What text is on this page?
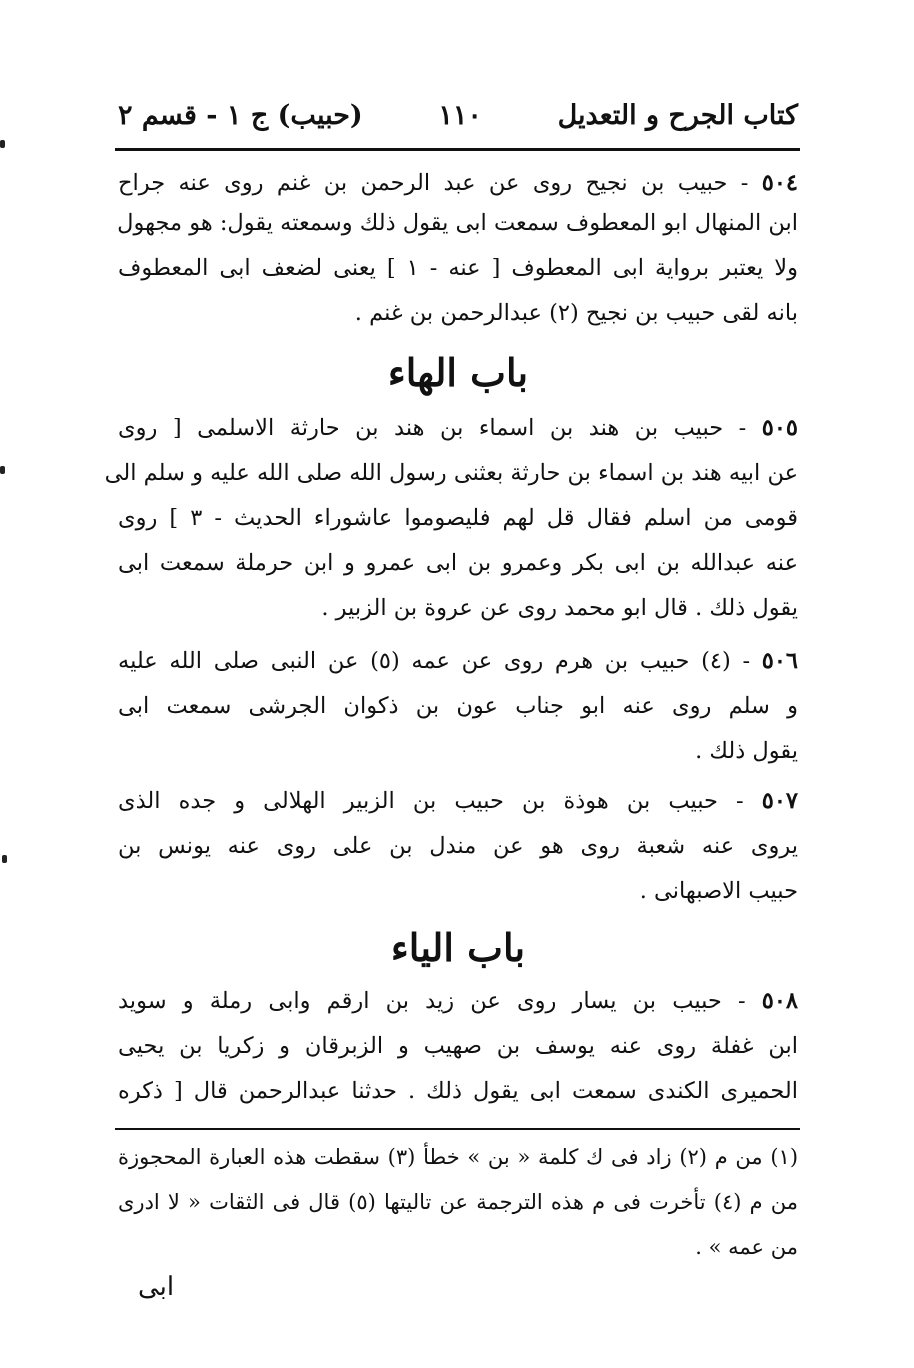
كتاب الجرح و التعديل
١١٠
(حبيب) ج ١ - قسم ٢
٥٠٤ - حبيب بن نجيح روى عن عبد الرحمن بن غنم روى عنه جراح
ابن المنهال ابو المعطوف سمعت ابى يقول ذلك وسمعته يقول: هو مجهول
ولا يعتبر برواية ابى المعطوف [ عنه - ١ ] يعنى لضعف ابى المعطوف
بانه لقى حبيب بن نجيح (٢) عبدالرحمن بن غنم .
باب الهاء
٥٠٥ - حبيب بن هند بن اسماء بن هند بن حارثة الاسلمى [ روى
عن ابيه هند بن اسماء بن حارثة بعثنى رسول الله صلى الله عليه و سلم الى
قومى من اسلم فقال قل لهم فليصوموا عاشوراء الحديث - ٣ ] روى
عنه عبدالله بن ابى بكر وعمرو بن ابى عمرو و ابن حرملة سمعت ابى
يقول ذلك . قال ابو محمد روى عن عروة بن الزبير .
٥٠٦ - (٤) حبيب بن هرم روى عن عمه (٥) عن النبى صلى الله عليه
و سلم روى عنه ابو جناب عون بن ذكوان الجرشى سمعت ابى
يقول ذلك .
٥٠٧ - حبيب بن هوذة بن حبيب بن الزبير الهلالى و جده الذى
يروى عنه شعبة روى هو عن مندل بن على روى عنه يونس بن
حبيب الاصبهانى .
باب الياء
٥٠٨ - حبيب بن يسار روى عن زيد بن ارقم وابى رملة و سويد
ابن غفلة روى عنه يوسف بن صهيب و الزبرقان و زكريا بن يحيى
الحميرى الكندى سمعت ابى يقول ذلك . حدثنا عبدالرحمن قال [ ذكره
(١) من م (٢) زاد فى ك كلمة « بن » خطأ (٣) سقطت هذه العبارة المحجوزة
من م (٤) تأخرت فى م هذه الترجمة عن تاليتها (٥) قال فى الثقات « لا ادرى
من عمه » .
ابى
